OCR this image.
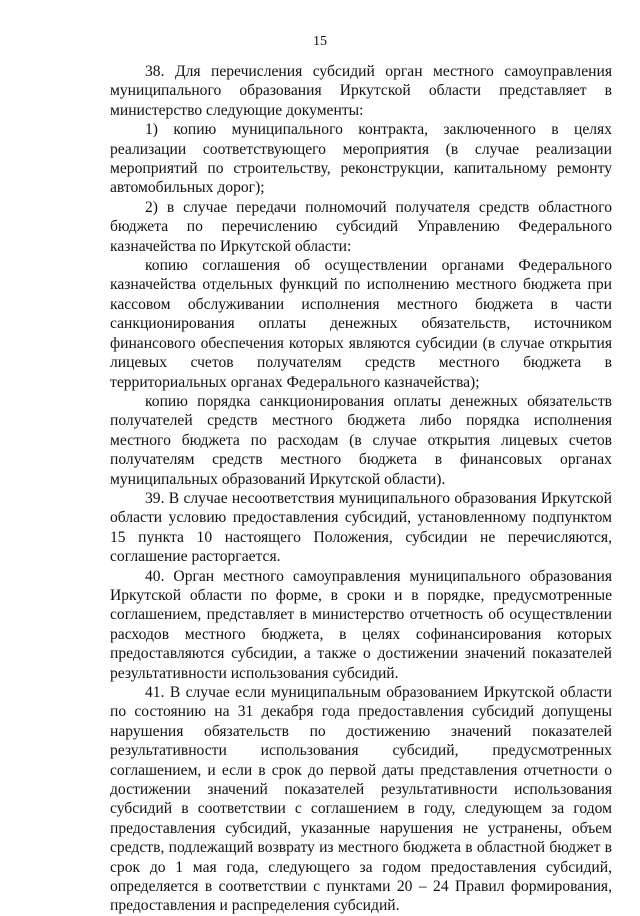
15

38. Для перечисления субсидий орган местного самоуправления муниципального образования Иркутской области представляет в министерство следующие документы:

1) копию муниципального контракта, заключенного в целях реализации соответствующего мероприятия (в случае реализации мероприятий по строительству, реконструкции, капитальному ремонту автомобильных дорог);

2) в случае передачи полномочий получателя средств областного бюджета по перечислению субсидий Управлению Федерального казначейства по Иркутской области:

копию соглашения об осуществлении органами Федерального казначейства отдельных функций по исполнению местного бюджета при кассовом обслуживании исполнения местного бюджета в части санкционирования оплаты денежных обязательств, источником финансового обеспечения которых являются субсидии (в случае открытия лицевых счетов получателям средств местного бюджета в территориальных органах Федерального казначейства);

копию порядка санкционирования оплаты денежных обязательств получателей средств местного бюджета либо порядка исполнения местного бюджета по расходам (в случае открытия лицевых счетов получателям средств местного бюджета в финансовых органах муниципальных образований Иркутской области).

39. В случае несоответствия муниципального образования Иркутской области условию предоставления субсидий, установленному подпунктом 15 пункта 10 настоящего Положения, субсидии не перечисляются, соглашение расторгается.

40. Орган местного самоуправления муниципального образования Иркутской области по форме, в сроки и в порядке, предусмотренные соглашением, представляет в министерство отчетность об осуществлении расходов местного бюджета, в целях софинансирования которых предоставляются субсидии, а также о достижении значений показателей результативности использования субсидий.

41. В случае если муниципальным образованием Иркутской области по состоянию на 31 декабря года предоставления субсидий допущены нарушения обязательств по достижению значений показателей результативности использования субсидий, предусмотренных соглашением, и если в срок до первой даты представления отчетности о достижении значений показателей результативности использования субсидий в соответствии с соглашением в году, следующем за годом предоставления субсидий, указанные нарушения не устранены, объем средств, подлежащий возврату из местного бюджета в областной бюджет в срок до 1 мая года, следующего за годом предоставления субсидий, определяется в соответствии с пунктами 20 – 24 Правил формирования, предоставления и распределения субсидий.
